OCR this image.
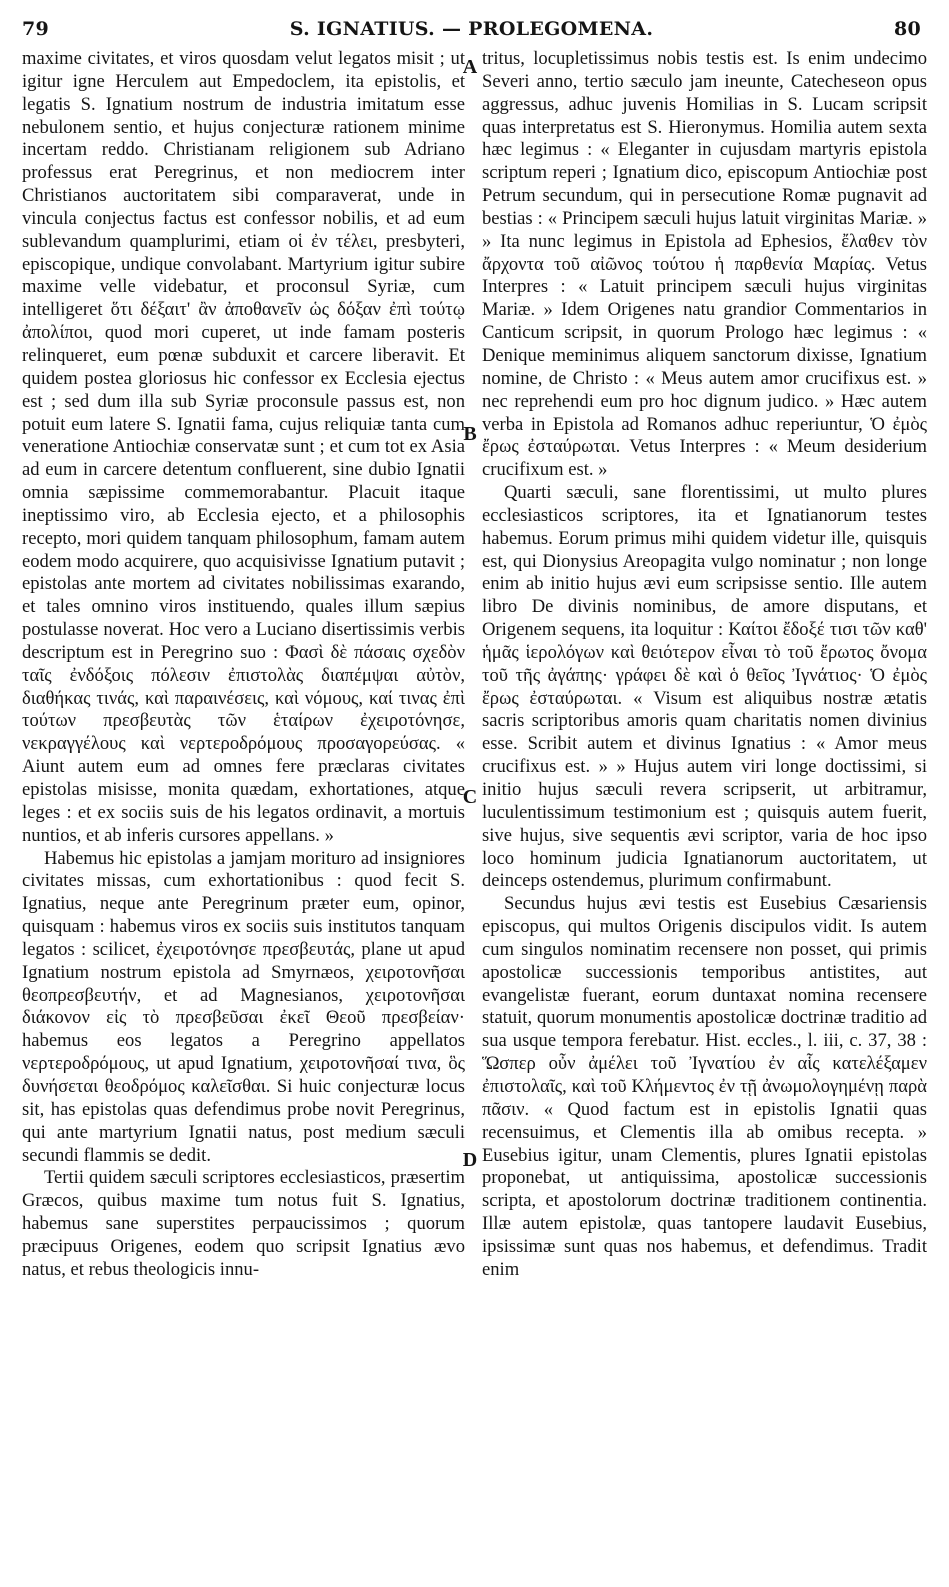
79	S. IGNATIUS. — PROLEGOMENA.	80

maxime civitates, et viros quosdam velut legatos misit ; ut igitur igne Herculem aut Empedoclem, ita epistolis, et legatis S. Ignatium nostrum de industria imitatum esse nebulonem sentio, et hujus conjecturæ rationem minime incertam reddo. Christianam religionem sub Adriano professus erat Peregrinus, et non mediocrem inter Christianos auctoritatem sibi comparaverat, unde in vincula conjectus factus est confessor nobilis, et ad eum sublevandum quamplurimi, etiam οἱ ἐν τέλει, presbyteri, episcopique, undique convolabant. Martyrium igitur subire maxime velle videbatur, et proconsul Syriæ, cum intelligeret ὅτι δέξαιτ' ἂν ἀποθανεῖν ὡς δόξαν ἐπὶ τούτῳ ἀπολίποι, quod mori cuperet, ut inde famam posteris relinqueret, eum pœnæ subduxit et carcere liberavit. Et quidem postea gloriosus hic confessor ex Ecclesia ejectus est ; sed dum illa sub Syriæ proconsule passus est, non potuit eum latere S. Ignatii fama, cujus reliquiæ tanta cum veneratione Antiochiæ conservatæ sunt ; et cum tot ex Asia ad eum in carcere detentum confluerent, sine dubio Ignatii omnia sæpissime commemorabantur. Placuit itaque ineptissimo viro, ab Ecclesia ejecto, et a philosophis recepto, mori quidem tanquam philosophum, famam autem eodem modo acquirere, quo acquisivisse Ignatium putavit ; epistolas ante mortem ad civitates nobilissimas exarando, et tales omnino viros instituendo, quales illum sæpius postulasse noverat. Hoc vero a Luciano disertissimis verbis descriptum est in Peregrino suo : Φασὶ δὲ πάσαις σχεδὸν ταῖς ἐνδόξοις πόλεσιν ἐπιστολὰς διαπέμψαι αὐτὸν, διαθήκας τινάς, καὶ παραινέσεις, καὶ νόμους, καί τινας ἐπὶ τούτων πρεσβευτὰς τῶν ἑταίρων ἐχειροτόνησε, νεκραγγέλους καὶ νερτεροδρόμους προσαγορεύσας. « Aiunt autem eum ad omnes fere præclaras civitates epistolas misisse, monita quædam, exhortationes, atque leges : et ex sociis suis de his legatos ordinavit, a mortuis nuntios, et ab inferis cursores appellans. »

Habemus hic epistolas a jamjam morituro ad insigniores civitates missas, cum exhortationibus : quod fecit S. Ignatius, neque ante Peregrinum præter eum, opinor, quisquam : habemus viros ex sociis suis institutos tanquam legatos : scilicet, ἐχειροτόνησε πρεσβευτάς, plane ut apud Ignatium nostrum epistola ad Smyrnæos, χειροτονῆσαι θεοπρεσβευτήν, et ad Magnesianos, χειροτονῆσαι διάκονον εἰς τὸ πρεσβεῦσαι ἐκεῖ Θεοῦ πρεσβείαν· habemus eos legatos a Peregrino appellatos νερτεροδρόμους, ut apud Ignatium, χειροτονῆσαί τινα, ὃς δυνήσεται θεοδρόμος καλεῖσθαι. Si huic conjecturæ locus sit, has epistolas quas defendimus probe novit Peregrinus, qui ante martyrium Ignatii natus, post medium sæculi secundi flammis se dedit.

Tertii quidem sæculi scriptores ecclesiasticos, præsertim Græcos, quibus maxime tum notus fuit S. Ignatius, habemus sane superstites perpaucissimos ; quorum præcipuus Origenes, eodem quo scripsit Ignatius ævo natus, et rebus theologicis innu-

A
B
C
D

tritus, locupletissimus nobis testis est. Is enim undecimo Severi anno, tertio sæculo jam ineunte, Catecheseon opus aggressus, adhuc juvenis Homilias in S. Lucam scripsit quas interpretatus est S. Hieronymus. Homilia autem sexta hæc legimus : « Eleganter in cujusdam martyris epistola scriptum reperi ; Ignatium dico, episcopum Antiochiæ post Petrum secundum, qui in persecutione Romæ pugnavit ad bestias : « Principem sæculi hujus latuit virginitas Mariæ. » » Ita nunc legimus in Epistola ad Ephesios, ἔλαθεν τὸν ἄρχοντα τοῦ αἰῶνος τούτου ἡ παρθενία Μαρίας. Vetus Interpres : « Latuit principem sæculi hujus virginitas Mariæ. » Idem Origenes natu grandior Commentarios in Canticum scripsit, in quorum Prologo hæc legimus : « Denique meminimus aliquem sanctorum dixisse, Ignatium nomine, de Christo : « Meus autem amor crucifixus est. » nec reprehendi eum pro hoc dignum judico. » Hæc autem verba in Epistola ad Romanos adhuc reperiuntur, Ὁ ἐμὸς ἔρως ἐσταύρωται. Vetus Interpres : « Meum desiderium crucifixum est. »

Quarti sæculi, sane florentissimi, ut multo plures ecclesiasticos scriptores, ita et Ignatianorum testes habemus. Eorum primus mihi quidem videtur ille, quisquis est, qui Dionysius Areopagita vulgo nominatur ; non longe enim ab initio hujus ævi eum scripsisse sentio. Ille autem libro De divinis nominibus, de amore disputans, et Origenem sequens, ita loquitur : Καίτοι ἔδοξέ τισι τῶν καθ' ἡμᾶς ἱερολόγων καὶ θειότερον εἶναι τὸ τοῦ ἔρωτος ὄνομα τοῦ τῆς ἀγάπης· γράφει δὲ καὶ ὁ θεῖος Ἰγνάτιος· Ὁ ἐμὸς ἔρως ἐσταύρωται. « Visum est aliquibus nostræ ætatis sacris scriptoribus amoris quam charitatis nomen divinius esse. Scribit autem et divinus Ignatius : « Amor meus crucifixus est. » » Hujus autem viri longe doctissimi, si initio hujus sæculi revera scripserit, ut arbitramur, luculentissimum testimonium est ; quisquis autem fuerit, sive hujus, sive sequentis ævi scriptor, varia de hoc ipso loco hominum judicia Ignatianorum auctoritatem, ut deinceps ostendemus, plurimum confirmabunt.

Secundus hujus ævi testis est Eusebius Cæsariensis episcopus, qui multos Origenis discipulos vidit. Is autem cum singulos nominatim recensere non posset, qui primis apostolicæ successionis temporibus antistites, aut evangelistæ fuerant, eorum duntaxat nomina recensere statuit, quorum monumentis apostolicæ doctrinæ traditio ad sua usque tempora ferebatur. Hist. eccles., l. iii, c. 37, 38 : Ὥσπερ οὖν ἀμέλει τοῦ Ἰγνατίου ἐν αἷς κατελέξαμεν ἐπιστολαῖς, καὶ τοῦ Κλήμεντος ἐν τῇ ἀνωμολογημένῃ παρὰ πᾶσιν. « Quod factum est in epistolis Ignatii quas recensuimus, et Clementis illa ab omibus recepta. » Eusebius igitur, unam Clementis, plures Ignatii epistolas proponebat, ut antiquissima, apostolicæ successionis scripta, et apostolorum doctrinæ traditionem continentia. Illæ autem epistolæ, quas tantopere laudavit Eusebius, ipsissimæ sunt quas nos habemus, et defendimus. Tradit enim
